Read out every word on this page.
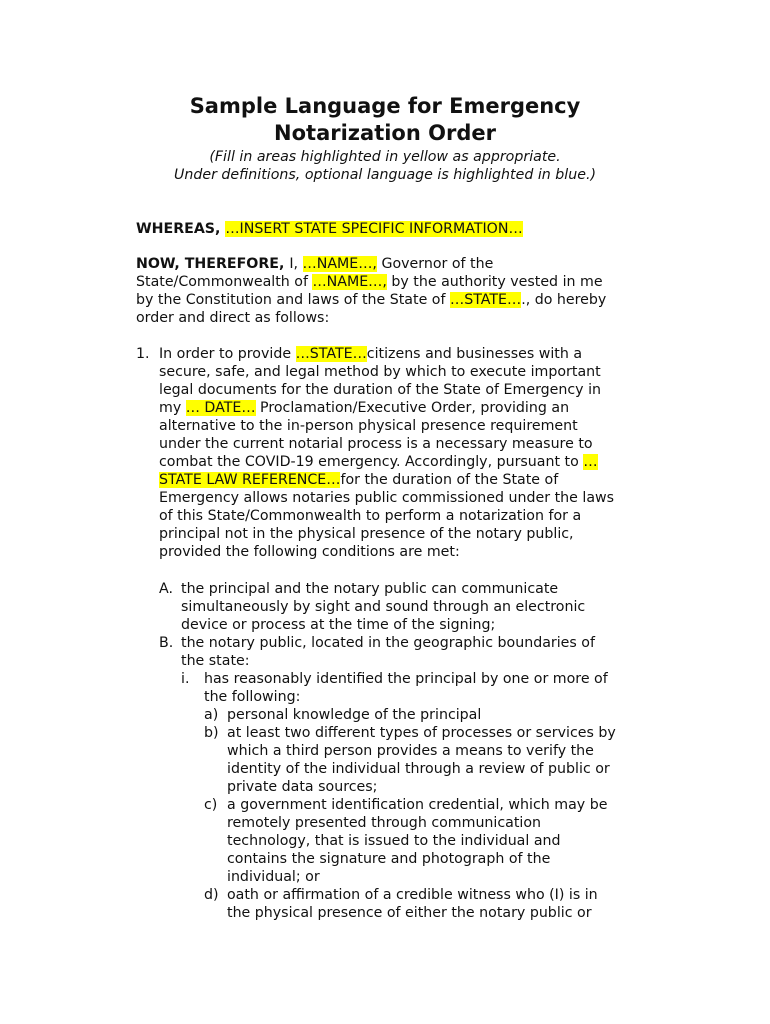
Sample Language for Emergency
Notarization Order
(Fill in areas highlighted in yellow as appropriate.
Under definitions, optional language is highlighted in blue.)
WHEREAS, …INSERT STATE SPECIFIC INFORMATION…
NOW, THEREFORE, I, …NAME…, Governor of the
State/Commonwealth of …NAME…, by the authority vested in me
by the Constitution and laws of the State of …STATE…., do hereby
order and direct as follows:
1. In order to provide …STATE…citizens and businesses with a
secure, safe, and legal method by which to execute important
legal documents for the duration of the State of Emergency in
my … DATE… Proclamation/Executive Order, providing an
alternative to the in-person physical presence requirement
under the current notarial process is a necessary measure to
combat the COVID-19 emergency. Accordingly, pursuant to …
STATE LAW REFERENCE…for the duration of the State of
Emergency allows notaries public commissioned under the laws
of this State/Commonwealth to perform a notarization for a
principal not in the physical presence of the notary public,
provided the following conditions are met:
A. the principal and the notary public can communicate
simultaneously by sight and sound through an electronic
device or process at the time of the signing;
B. the notary public, located in the geographic boundaries of
the state:
i. has reasonably identified the principal by one or more of
the following:
a) personal knowledge of the principal
b) at least two different types of processes or services by
which a third person provides a means to verify the
identity of the individual through a review of public or
private data sources;
c) a government identification credential, which may be
remotely presented through communication
technology, that is issued to the individual and
contains the signature and photograph of the
individual; or
d) oath or affirmation of a credible witness who (I) is in
the physical presence of either the notary public or
